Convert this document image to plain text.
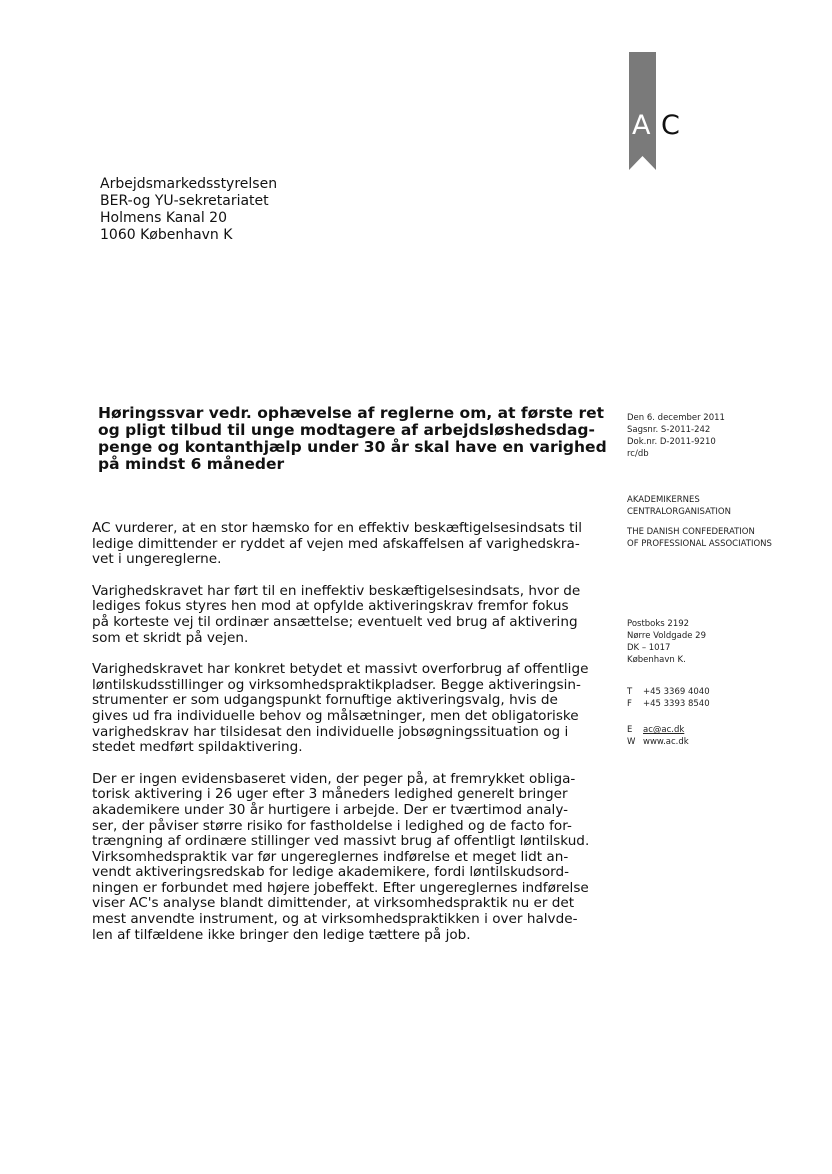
A C
Arbejdsmarkedsstyrelsen
BER-og YU-sekretariatet
Holmens Kanal 20
1060 København K
Høringssvar vedr. ophævelse af reglerne om, at første ret
og pligt tilbud til unge modtagere af arbejdsløshedsdag-
penge og kontanthjælp under 30 år skal have en varighed
på mindst 6 måneder

AC vurderer, at en stor hæmsko for en effektiv beskæftigelsesindsats til
ledige dimittender er ryddet af vejen med afskaffelsen af varighedskra-
vet i ungereglerne.

Varighedskravet har ført til en ineffektiv beskæftigelsesindsats, hvor de
lediges fokus styres hen mod at opfylde aktiveringskrav fremfor fokus
på korteste vej til ordinær ansættelse; eventuelt ved brug af aktivering
som et skridt på vejen.

Varighedskravet har konkret betydet et massivt overforbrug af offentlige
løntilskudsstillinger og virksomhedspraktikpladser. Begge aktiveringsin-
strumenter er som udgangspunkt fornuftige aktiveringsvalg, hvis de
gives ud fra individuelle behov og målsætninger, men det obligatoriske
varighedskrav har tilsidesat den individuelle jobsøgningssituation og i
stedet medført spildaktivering.

Der er ingen evidensbaseret viden, der peger på, at fremrykket obliga-
torisk aktivering i 26 uger efter 3 måneders ledighed generelt bringer
akademikere under 30 år hurtigere i arbejde. Der er tværtimod analy-
ser, der påviser større risiko for fastholdelse i ledighed og de facto for-
trængning af ordinære stillinger ved massivt brug af offentligt løntilskud.
Virksomhedspraktik var før ungereglernes indførelse et meget lidt an-
vendt aktiveringsredskab for ledige akademikere, fordi løntilskudsord-
ningen er forbundet med højere jobeffekt. Efter ungereglernes indførelse
viser AC's analyse blandt dimittender, at virksomhedspraktik nu er det
mest anvendte instrument, og at virksomhedspraktikken i over halvde-
len af tilfældene ikke bringer den ledige tættere på job.

Den 6. december 2011
Sagsnr. S-2011-242
Dok.nr. D-2011-9210
rc/db
AKADEMIKERNES
CENTRALORGANISATION
THE DANISH CONFEDERATION
OF PROFESSIONAL ASSOCIATIONS
Postboks 2192
Nørre Voldgade 29
DK – 1017
København K.
T	+45 3369 4040
F	+45 3393 8540
E	ac@ac.dk
W www.ac.dk
